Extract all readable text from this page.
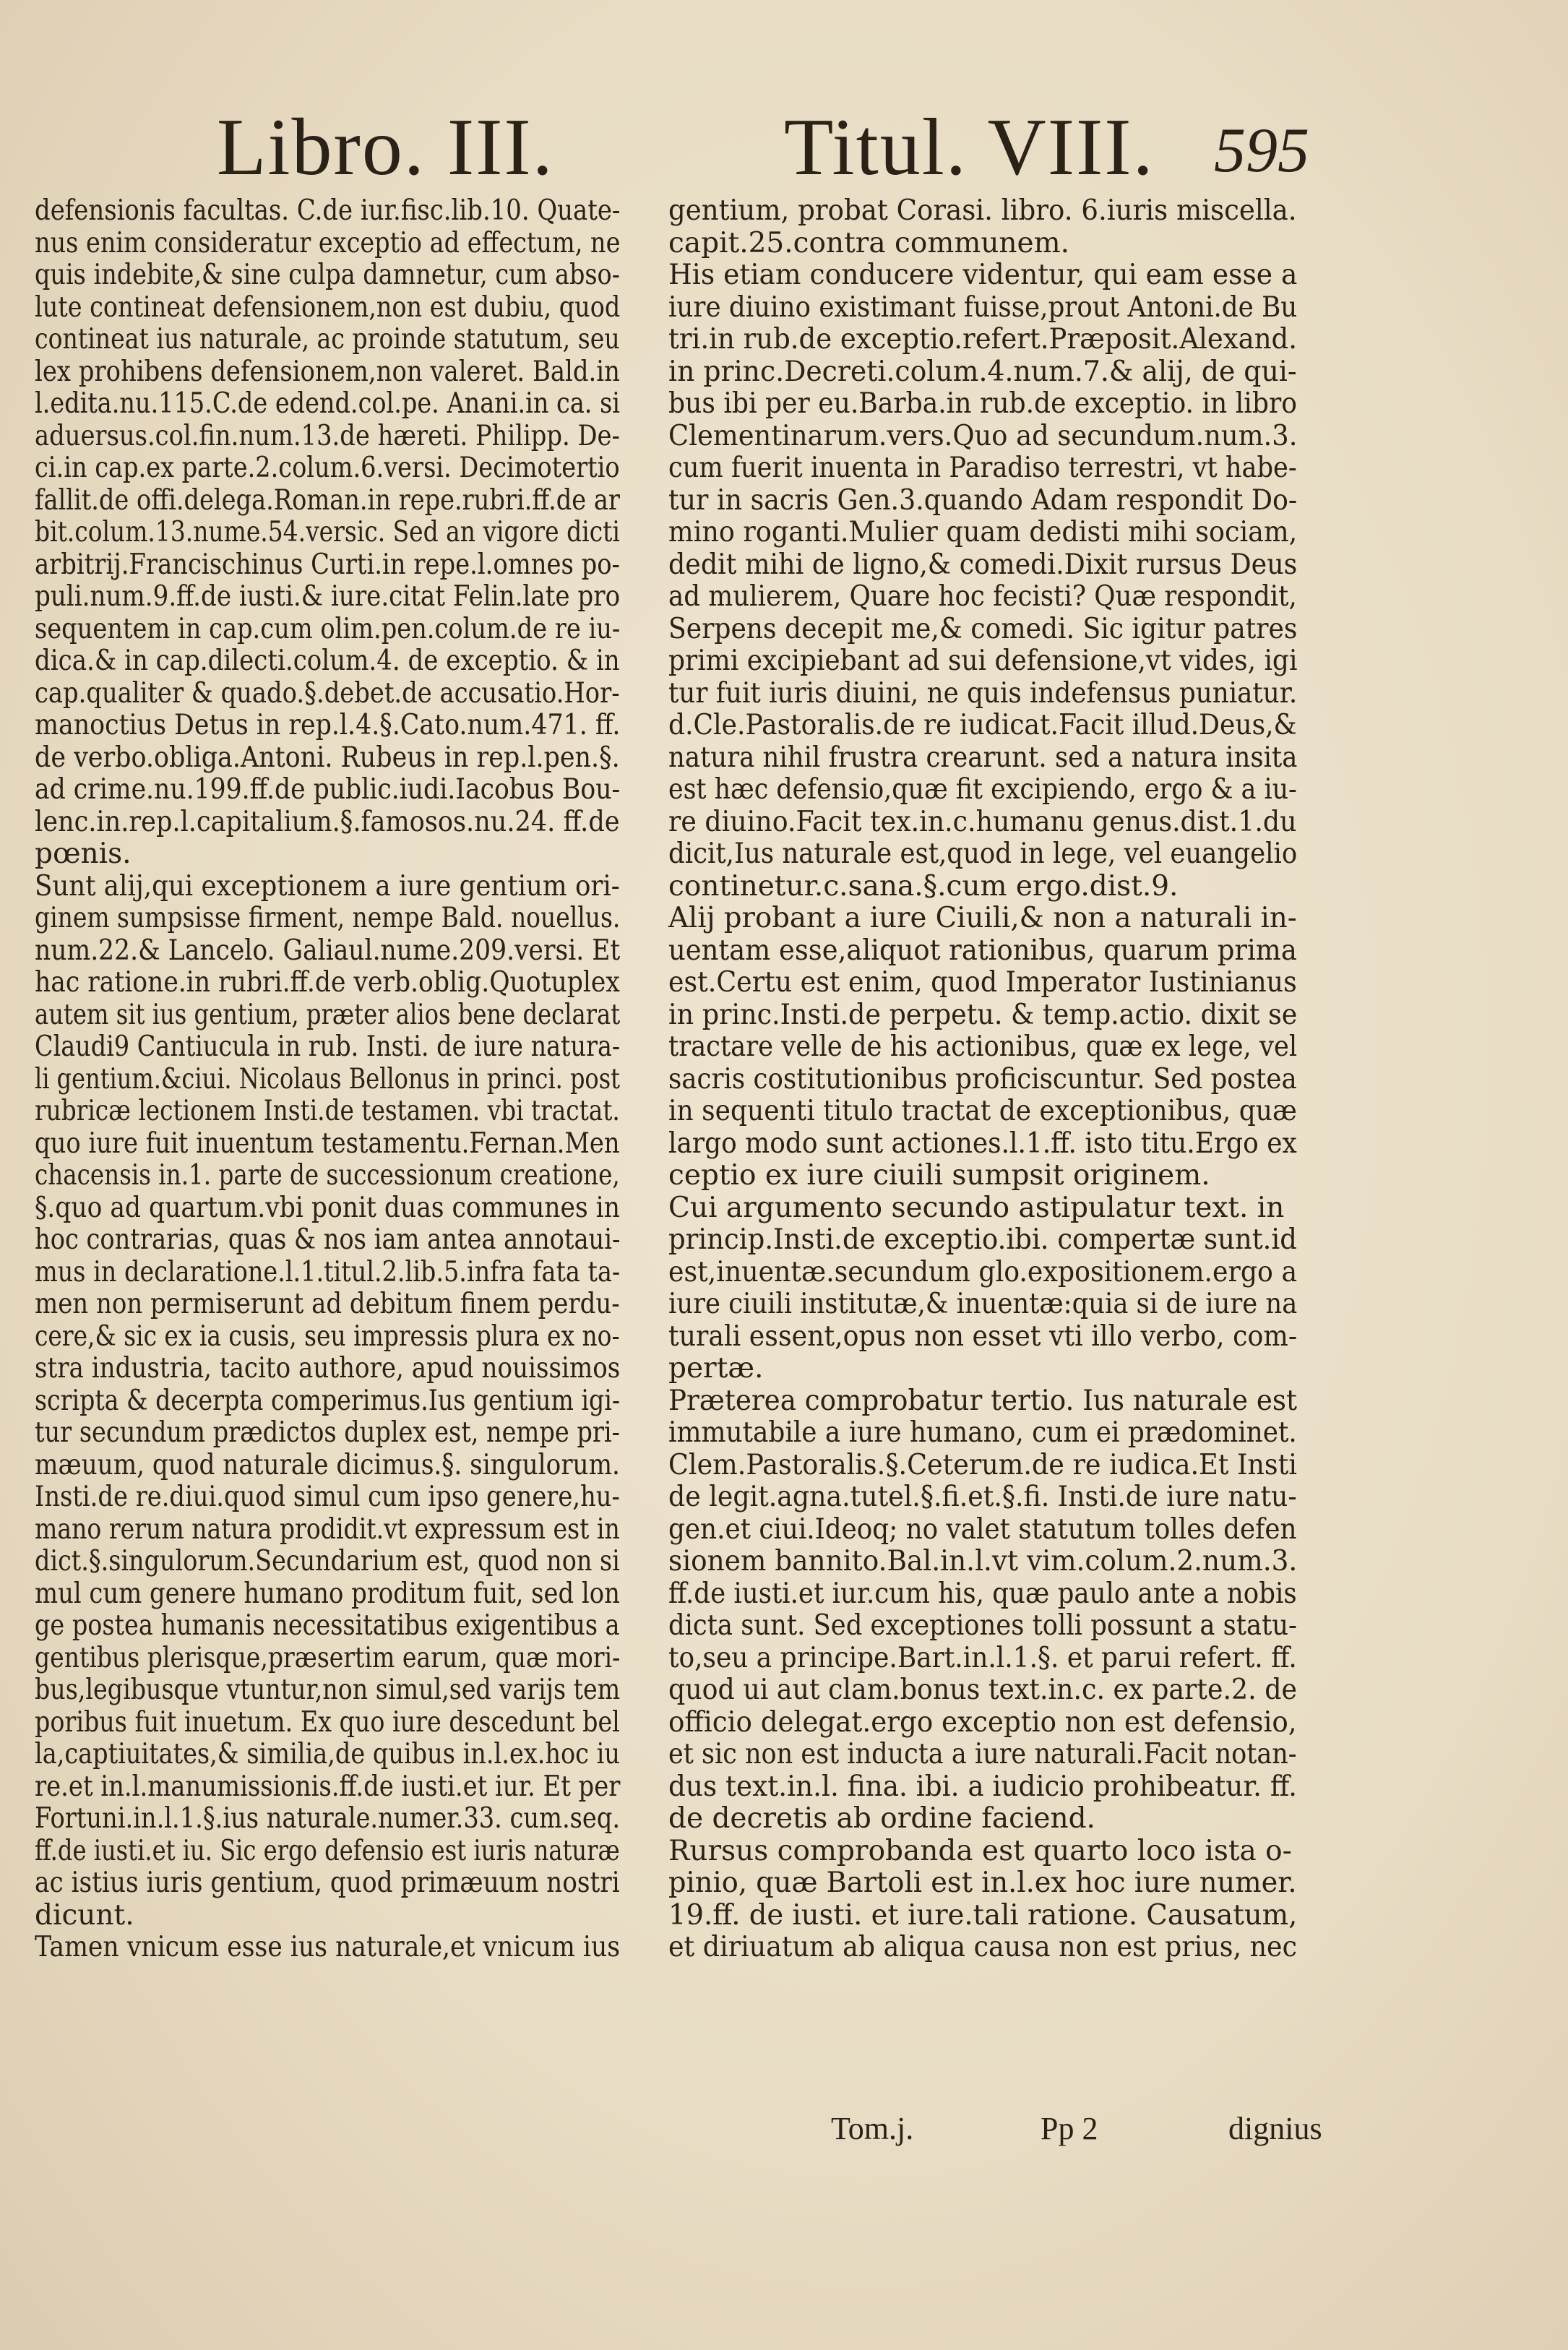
Libro. III.	Titul. VIII. 595
defensionis facultas. C.de iur.fisc.lib.10. Quate-
nus enim consideratur exceptio ad effectum, ne
quis indebite,& sine culpa damnetur, cum abso-
lute contineat defensionem,non est dubiu, quod
contineat ius naturale, ac proinde statutum, seu
lex prohibens defensionem,non valeret. Bald.in
l.edita.nu.115.C.de edend.col.pe. Anani.in ca. si
aduersus.col.fin.num.13.de hæreti. Philipp. De-
ci.in cap.ex parte.2.colum.6.versi. Decimotertio
fallit.de offi.delega.Roman.in repe.rubri.ff.de ar
bit.colum.13.nume.54.versic. Sed an vigore dicti
arbitrij.Francischinus Curti.in repe.l.omnes po-
puli.num.9.ff.de iusti.& iure.citat Felin.late pro
sequentem in cap.cum olim.pen.colum.de re iu-
dica.& in cap.dilecti.colum.4. de exceptio. & in
cap.qualiter & quado.§.debet.de accusatio.Hor-
manoctius Detus in rep.l.4.§.Cato.num.471. ff.
de verbo.obliga.Antoni. Rubeus in rep.l.pen.§.
ad crime.nu.199.ff.de public.iudi.Iacobus Bou-
lenc.in.rep.l.capitalium.§.famosos.nu.24. ff.de
pœnis.
Sunt alij,qui exceptionem a iure gentium ori-
ginem sumpsisse firment, nempe Bald. nouellus.
num.22.& Lancelo. Galiaul.nume.209.versi. Et
hac ratione.in rubri.ff.de verb.oblig.Quotuplex
autem sit ius gentium, præter alios bene declarat
Claudi9 Cantiucula in rub. Insti. de iure natura-
li gentium.&ciui. Nicolaus Bellonus in princi. post
rubricæ lectionem Insti.de testamen. vbi tractat.
quo iure fuit inuentum testamentu.Fernan.Men
chacensis in.1. parte de successionum creatione,
§.quo ad quartum.vbi ponit duas communes in
hoc contrarias, quas & nos iam antea annotaui-
mus in declaratione.l.1.titul.2.lib.5.infra fata ta-
men non permiserunt ad debitum finem perdu-
cere,& sic ex ia cusis, seu impressis plura ex no-
stra industria, tacito authore, apud nouissimos
scripta & decerpta comperimus.Ius gentium igi-
tur secundum prædictos duplex est, nempe pri-
mæuum, quod naturale dicimus.§. singulorum.
Insti.de re.diui.quod simul cum ipso genere,hu-
mano rerum natura prodidit.vt expressum est in
dict.§.singulorum.Secundarium est, quod non si
mul cum genere humano proditum fuit, sed lon
ge postea humanis necessitatibus exigentibus a
gentibus plerisque,præsertim earum, quæ mori-
bus,legibusque vtuntur,non simul,sed varijs tem
poribus fuit inuetum. Ex quo iure descedunt bel
la,captiuitates,& similia,de quibus in.l.ex.hoc iu
re.et in.l.manumissionis.ff.de iusti.et iur. Et per
Fortuni.in.l.1.§.ius naturale.numer.33. cum.seq.
ff.de iusti.et iu. Sic ergo defensio est iuris naturæ
ac istius iuris gentium, quod primæuum nostri
dicunt.
Tamen vnicum esse ius naturale,et vnicum ius
gentium, probat Corasi. libro. 6.iuris miscella.
capit.25.contra communem.
His etiam conducere videntur, qui eam esse a
iure diuino existimant fuisse,prout Antoni.de Bu
tri.in rub.de exceptio.refert.Præposit.Alexand.
in princ.Decreti.colum.4.num.7.& alij, de qui-
bus ibi per eu.Barba.in rub.de exceptio. in libro
Clementinarum.vers.Quo ad secundum.num.3.
cum fuerit inuenta in Paradiso terrestri, vt habe-
tur in sacris Gen.3.quando Adam respondit Do-
mino roganti.Mulier quam dedisti mihi sociam,
dedit mihi de ligno,& comedi.Dixit rursus Deus
ad mulierem, Quare hoc fecisti? Quæ respondit,
Serpens decepit me,& comedi. Sic igitur patres
primi excipiebant ad sui defensione,vt vides, igi
tur fuit iuris diuini, ne quis indefensus puniatur.
d.Cle.Pastoralis.de re iudicat.Facit illud.Deus,&
natura nihil frustra crearunt. sed a natura insita
est hæc defensio,quæ fit excipiendo, ergo & a iu-
re diuino.Facit tex.in.c.humanu genus.dist.1.du
dicit,Ius naturale est,quod in lege, vel euangelio
continetur.c.sana.§.cum ergo.dist.9.
Alij probant a iure Ciuili,& non a naturali in-
uentam esse,aliquot rationibus, quarum prima
est.Certu est enim, quod Imperator Iustinianus
in princ.Insti.de perpetu. & temp.actio. dixit se
tractare velle de his actionibus, quæ ex lege, vel
sacris costitutionibus proficiscuntur. Sed postea
in sequenti titulo tractat de exceptionibus, quæ
largo modo sunt actiones.l.1.ff. isto titu.Ergo ex
ceptio ex iure ciuili sumpsit originem.
Cui argumento secundo astipulatur text. in
princip.Insti.de exceptio.ibi. compertæ sunt.id
est,inuentæ.secundum glo.expositionem.ergo a
iure ciuili institutæ,& inuentæ:quia si de iure na
turali essent,opus non esset vti illo verbo, com-
pertæ.
Præterea comprobatur tertio. Ius naturale est
immutabile a iure humano, cum ei prædominet.
Clem.Pastoralis.§.Ceterum.de re iudica.Et Insti
de legit.agna.tutel.§.fi.et.§.fi. Insti.de iure natu-
gen.et ciui.Ideoq; no valet statutum tolles defen
sionem bannito.Bal.in.l.vt vim.colum.2.num.3.
ff.de iusti.et iur.cum his, quæ paulo ante a nobis
dicta sunt. Sed exceptiones tolli possunt a statu-
to,seu a principe.Bart.in.l.1.§. et parui refert. ff.
quod ui aut clam.bonus text.in.c. ex parte.2. de
officio delegat.ergo exceptio non est defensio,
et sic non est inducta a iure naturali.Facit notan-
dus text.in.l. fina. ibi. a iudicio prohibeatur. ff.
de decretis ab ordine faciend.
Rursus comprobanda est quarto loco ista o-
pinio, quæ Bartoli est in.l.ex hoc iure numer.
19.ff. de iusti. et iure.tali ratione. Causatum,
et diriuatum ab aliqua causa non est prius, nec
Tom.j.	Pp 2	dignius
